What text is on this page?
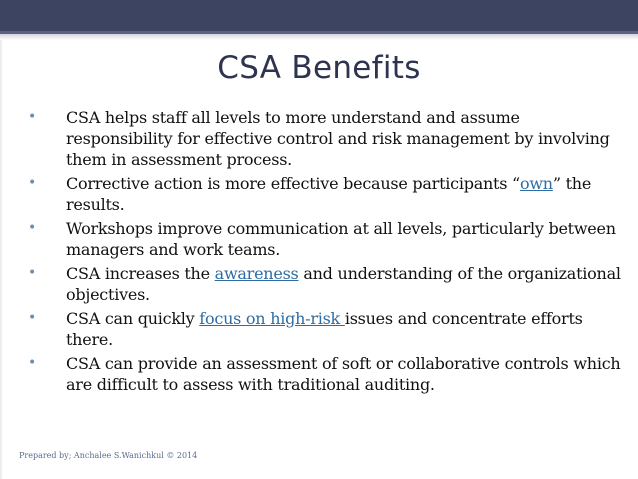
CSA Benefits
• CSA helps staff all levels to more understand and assume responsibility for effective control and risk management by involving them in assessment process.
• Corrective action is more effective because participants “own” the results.
• Workshops improve communication at all levels, particularly between managers and work teams.
• CSA increases the awareness and understanding of the organizational objectives.
• CSA can quickly focus on high-risk issues and concentrate efforts there.
• CSA can provide an assessment of soft or collaborative controls which are difficult to assess with traditional auditing.
Prepared by; Anchalee S.Wanichkul © 2014
